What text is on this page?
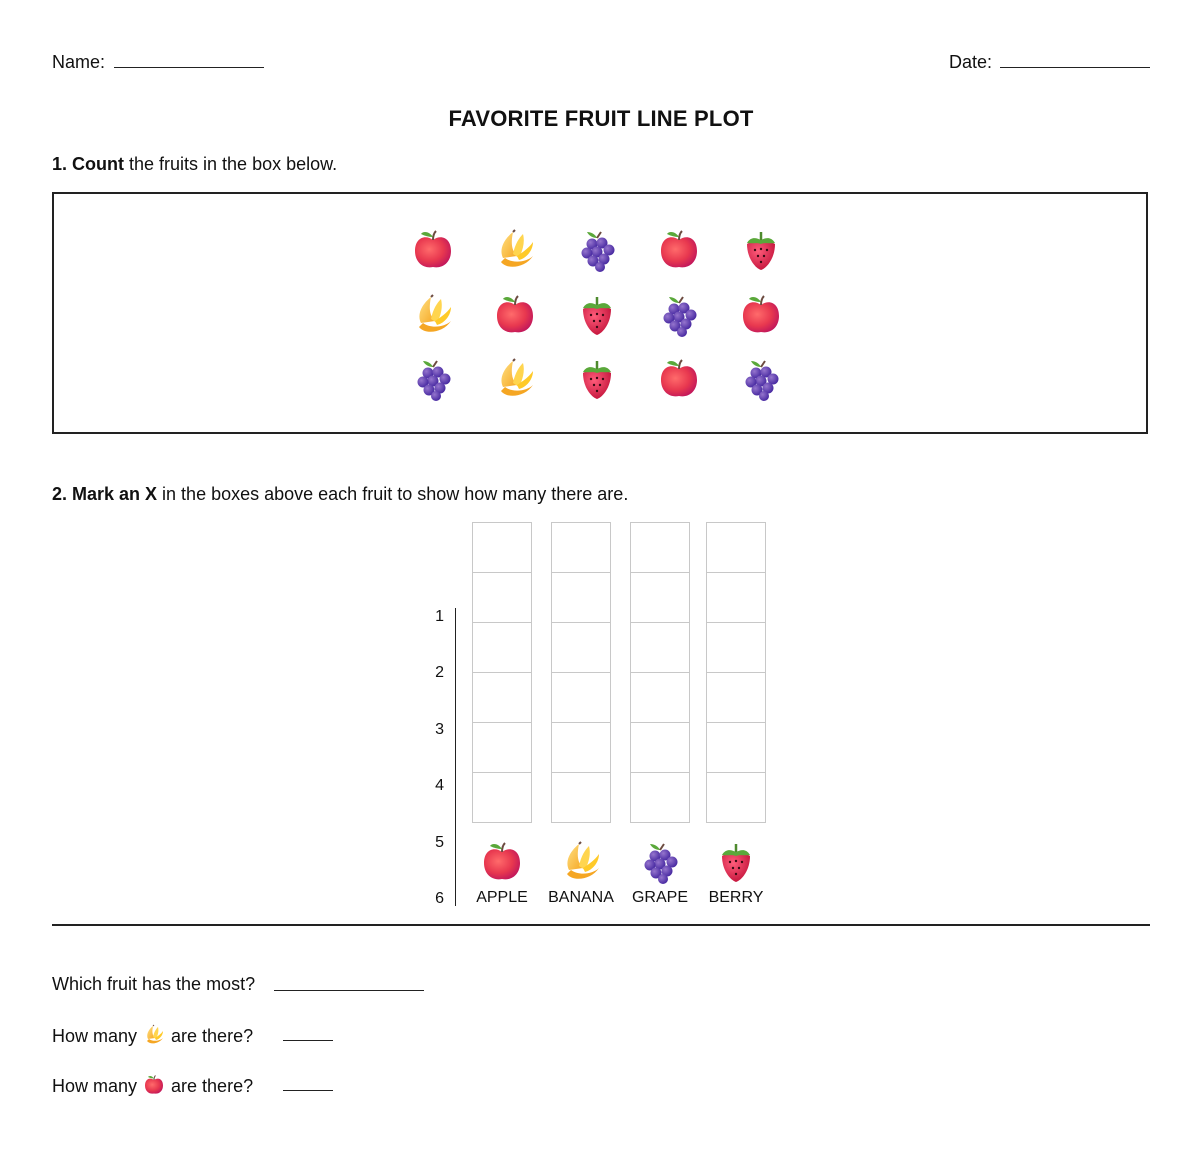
Name:	Date:
FAVORITE FRUIT LINE PLOT
1. Count the fruits in the box below.
2. Mark an X in the boxes above each fruit to show how many there are.
APPLE	BANANA	GRAPE	BERRY
1
2
3
4
5
6
Which fruit has the most?
How many are there?
How many are there?
